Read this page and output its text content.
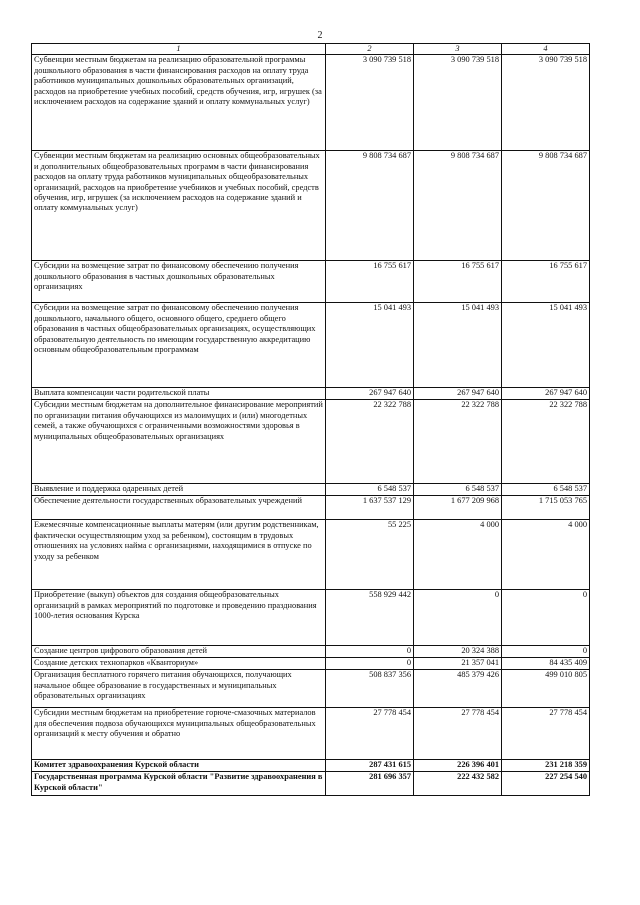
2
1	2	3	4
Субвенции местным бюджетам на реализацию образовательной программы дошкольного образования в части финансирования расходов на оплату труда работников муниципальных дошкольных образовательных организаций, расходов на приобретение учебных пособий, средств обучения, игр, игрушек (за исключением расходов на содержание зданий и оплату коммунальных услуг)	3 090 739 518	3 090 739 518	3 090 739 518
Субвенции местным бюджетам на реализацию основных общеобразовательных и дополнительных общеобразовательных программ в части финансирования расходов на оплату труда работников муниципальных общеобразовательных организаций, расходов на приобретение учебников и учебных пособий, средств обучения, игр, игрушек (за исключением расходов на содержание зданий и оплату коммунальных услуг)	9 808 734 687	9 808 734 687	9 808 734 687
Субсидии на возмещение затрат по финансовому обеспечению получения дошкольного образования в частных дошкольных образовательных организациях	16 755 617	16 755 617	16 755 617
Субсидии на возмещение затрат по финансовому обеспечению получения дошкольного, начального общего, основного общего, среднего общего образования в частных общеобразовательных организациях, осуществляющих образовательную деятельность по имеющим государственную аккредитацию основным общеобразовательным программам	15 041 493	15 041 493	15 041 493
Выплата компенсации части родительской платы	267 947 640	267 947 640	267 947 640
Субсидии местным бюджетам на дополнительное финансирование мероприятий по организации питания обучающихся из малоимущих и (или) многодетных семей, а также обучающихся с ограниченными возможностями здоровья в муниципальных общеобразовательных организациях	22 322 788	22 322 788	22 322 788
Выявление и поддержка одаренных детей	6 548 537	6 548 537	6 548 537
Обеспечение деятельности государственных образовательных учреждений	1 637 537 129	1 677 209 968	1 715 053 765
Ежемесячные компенсационные выплаты матерям (или другим родственникам, фактически осуществляющим уход за ребенком), состоящим в трудовых отношениях на условиях найма с организациями, находящимися в отпуске по уходу за ребенком	55 225	4 000	4 000
Приобретение (выкуп) объектов для создания общеобразовательных организаций в рамках мероприятий по подготовке и проведению празднования 1000-летия основания Курска	558 929 442	0	0
Создание центров цифрового образования детей	0	20 324 388	0
Создание детских технопарков «Кванториум»	0	21 357 041	84 435 409
Организация бесплатного горячего питания обучающихся, получающих начальное общее образование в государственных и муниципальных образовательных организациях	508 837 356	485 379 426	499 010 805
Субсидии местным бюджетам на приобретение горюче-смазочных материалов для обеспечения подвоза обучающихся муниципальных общеобразовательных организаций к месту обучения и обратно	27 778 454	27 778 454	27 778 454
Комитет здравоохранения Курской области	287 431 615	226 396 401	231 218 359
Государственная программа Курской области "Развитие здравоохранения в Курской области"	281 696 357	222 432 582	227 254 540
